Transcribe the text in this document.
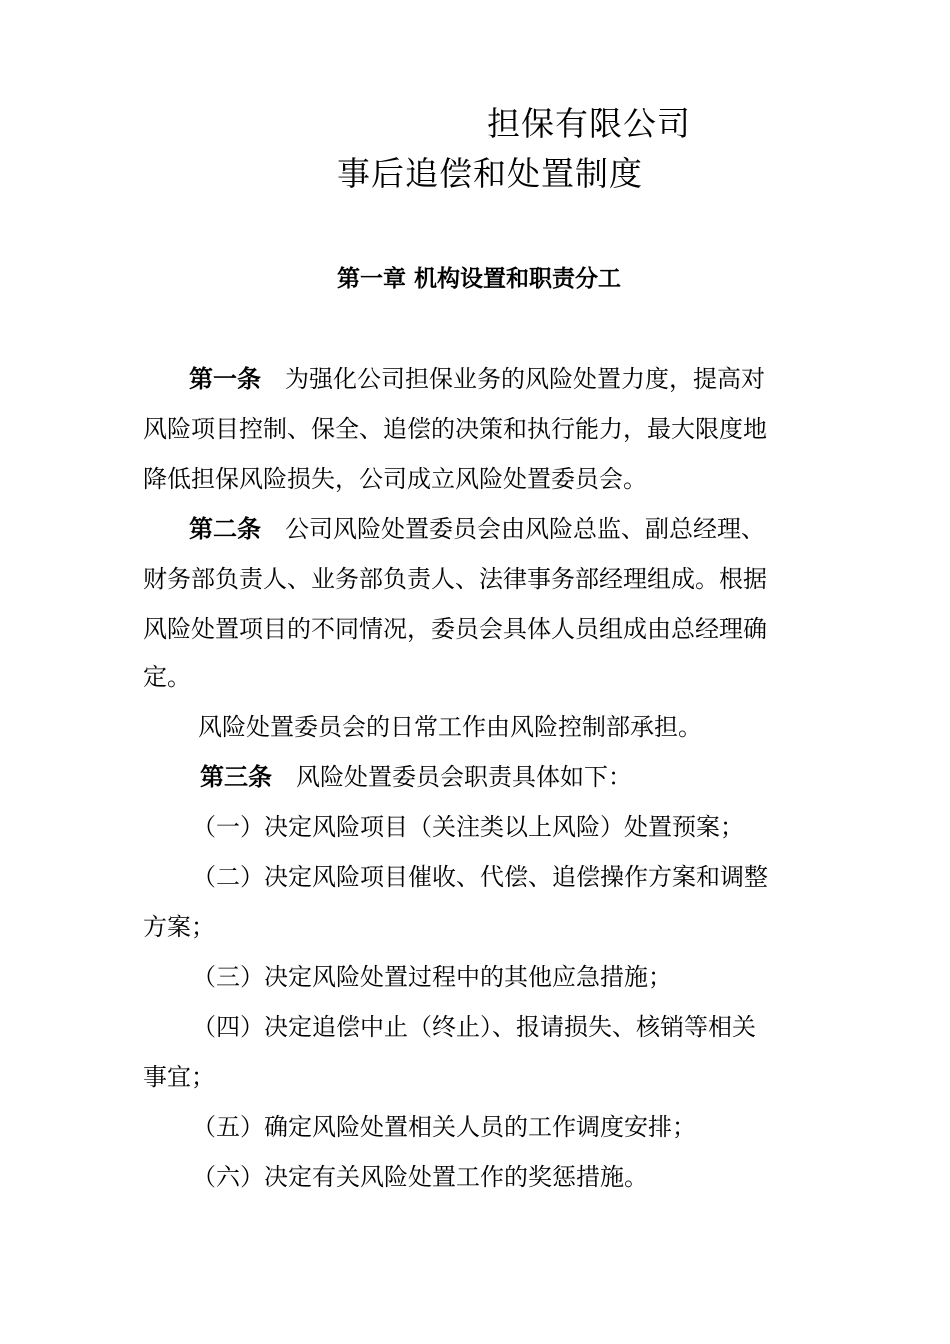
担保有限公司
事后追偿和处置制度
第一章 机构设置和职责分工
第一条 为强化公司担保业务的风险处置力度，提高对
风险项目控制、保全、追偿的决策和执行能力，最大限度地
降低担保风险损失，公司成立风险处置委员会。
第二条 公司风险处置委员会由风险总监、副总经理、
财务部负责人、业务部负责人、法律事务部经理组成。根据
风险处置项目的不同情况，委员会具体人员组成由总经理确
定。
风险处置委员会的日常工作由风险控制部承担。
第三条 风险处置委员会职责具体如下：
（一）决定风险项目（关注类以上风险）处置预案；
（二）决定风险项目催收、代偿、追偿操作方案和调整
方案；
（三）决定风险处置过程中的其他应急措施；
（四）决定追偿中止（终止）、报请损失、核销等相关
事宜；
（五）确定风险处置相关人员的工作调度安排；
（六）决定有关风险处置工作的奖惩措施。
